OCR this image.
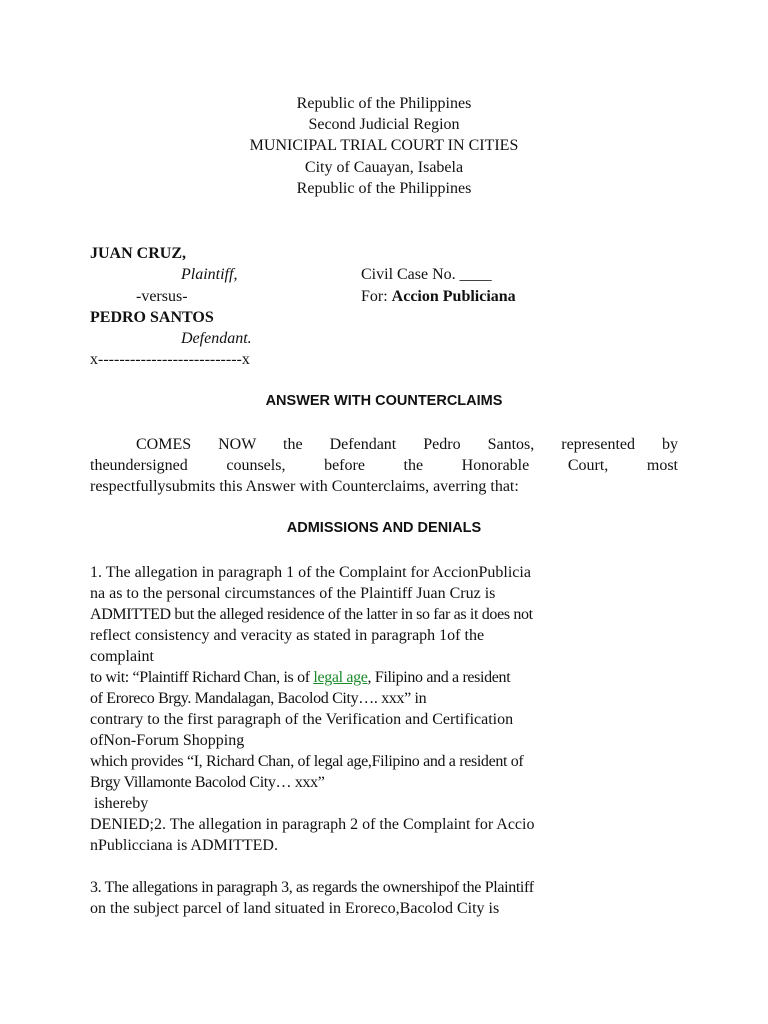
Republic of the Philippines
Second Judicial Region
MUNICIPAL TRIAL COURT IN CITIES
City of Cauayan, Isabela
Republic of the Philippines
JUAN CRUZ,
Plaintiff,	Civil Case No. ____
-versus-	For: Accion Publiciana
PEDRO SANTOS
Defendant.
x---------------------------x
ANSWER WITH COUNTERCLAIMS
COMES NOW the Defendant Pedro Santos, represented by
theundersigned counsels, before the Honorable Court, most
respectfullysubmits this Answer with Counterclaims, averring that:
ADMISSIONS AND DENIALS
1. The allegation in paragraph 1 of the Complaint for AccionPublicia
na as to the personal circumstances of the Plaintiff Juan Cruz is
ADMITTED but the alleged residence of the latter in so far as it does not
reflect consistency and veracity as stated in paragraph 1of the
complaint
to wit: “Plaintiff Richard Chan, is of legal age, Filipino and a resident
of Eroreco Brgy. Mandalagan, Bacolod City…. xxx” in
contrary to the first paragraph of the Verification and Certification
ofNon-Forum Shopping
which provides “I, Richard Chan, of legal age,Filipino and a resident of
Brgy Villamonte Bacolod City… xxx”
ishereby
DENIED;2. The allegation in paragraph 2 of the Complaint for Accio
nPublicciana is ADMITTED.

3. The allegations in paragraph 3, as regards the ownershipof the Plaintiff
on the subject parcel of land situated in Eroreco,Bacolod City is
